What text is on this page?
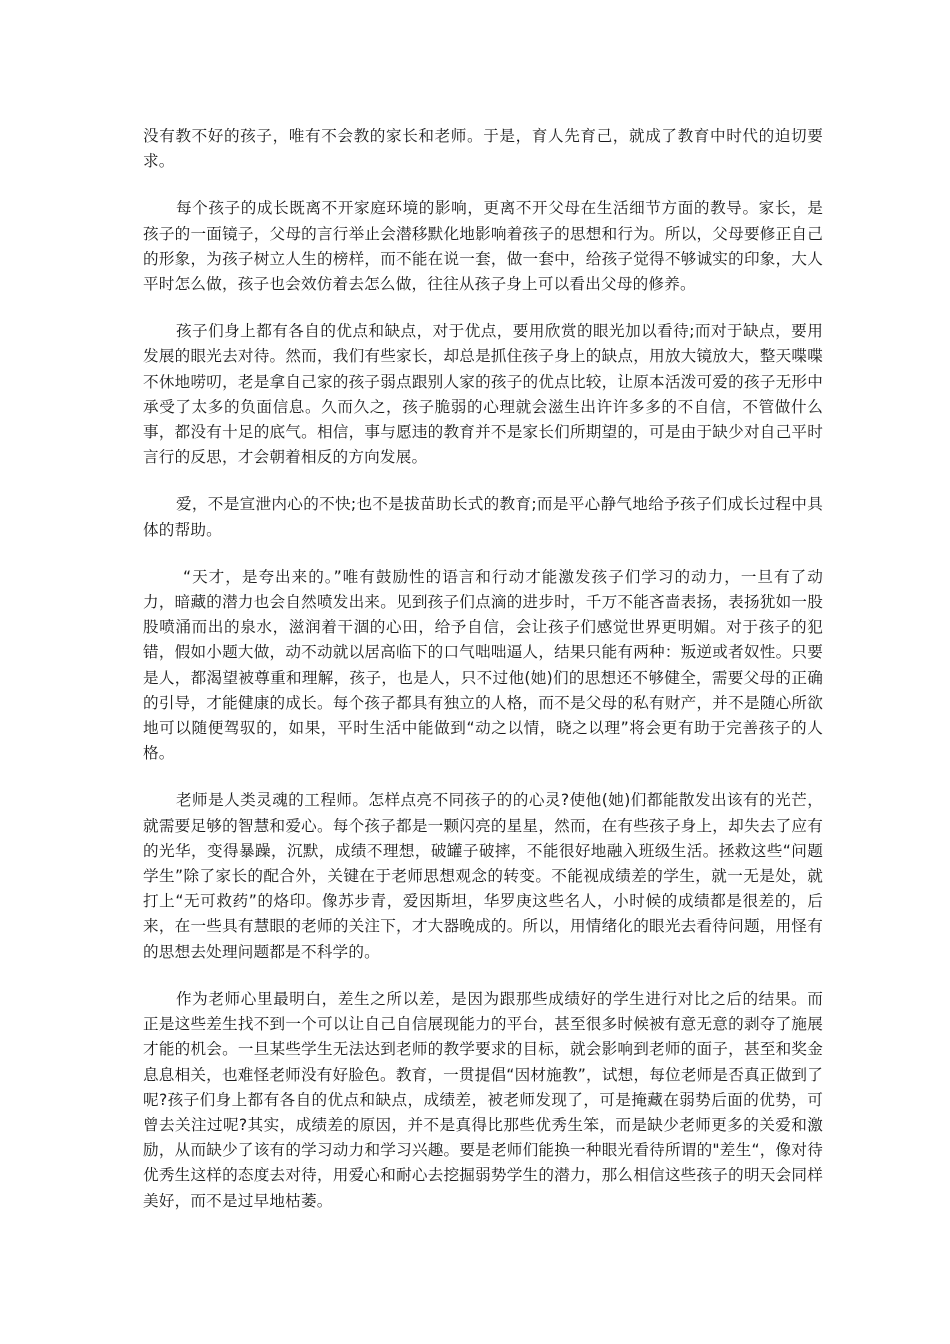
没有教不好的孩子，唯有不会教的家长和老师。于是，育人先育己，就成了教育中时代的迫切要求。

每个孩子的成长既离不开家庭环境的影响，更离不开父母在生活细节方面的教导。家长，是孩子的一面镜子，父母的言行举止会潜移默化地影响着孩子的思想和行为。所以，父母要修正自己的形象，为孩子树立人生的榜样，而不能在说一套，做一套中，给孩子觉得不够诚实的印象，大人平时怎么做，孩子也会效仿着去怎么做，往往从孩子身上可以看出父母的修养。

孩子们身上都有各自的优点和缺点，对于优点，要用欣赏的眼光加以看待;而对于缺点，要用发展的眼光去对待。然而，我们有些家长，却总是抓住孩子身上的缺点，用放大镜放大，整天喋喋不休地唠叨，老是拿自己家的孩子弱点跟别人家的孩子的优点比较，让原本活泼可爱的孩子无形中承受了太多的负面信息。久而久之，孩子脆弱的心理就会滋生出许许多多的不自信，不管做什么事，都没有十足的底气。相信，事与愿违的教育并不是家长们所期望的，可是由于缺少对自己平时言行的反思，才会朝着相反的方向发展。

爱，不是宣泄内心的不快;也不是拔苗助长式的教育;而是平心静气地给予孩子们成长过程中具体的帮助。

“天才，是夸出来的。”唯有鼓励性的语言和行动才能激发孩子们学习的动力，一旦有了动力，暗藏的潜力也会自然喷发出来。见到孩子们点滴的进步时，千万不能吝啬表扬，表扬犹如一股股喷涌而出的泉水，滋润着干涸的心田，给予自信，会让孩子们感觉世界更明媚。对于孩子的犯错，假如小题大做，动不动就以居高临下的口气咄咄逼人，结果只能有两种：叛逆或者奴性。只要是人，都渴望被尊重和理解，孩子，也是人，只不过他(她)们的思想还不够健全，需要父母的正确的引导，才能健康的成长。每个孩子都具有独立的人格，而不是父母的私有财产，并不是随心所欲地可以随便驾驭的，如果，平时生活中能做到“动之以情，晓之以理”将会更有助于完善孩子的人格。

老师是人类灵魂的工程师。怎样点亮不同孩子的的心灵?使他(她)们都能散发出该有的光芒，就需要足够的智慧和爱心。每个孩子都是一颗闪亮的星星，然而，在有些孩子身上，却失去了应有的光华，变得暴躁，沉默，成绩不理想，破罐子破摔，不能很好地融入班级生活。拯救这些“问题学生”除了家长的配合外，关键在于老师思想观念的转变。不能视成绩差的学生，就一无是处，就打上“无可救药”的烙印。像苏步青，爱因斯坦，华罗庚这些名人，小时候的成绩都是很差的，后来，在一些具有慧眼的老师的关注下，才大器晚成的。所以，用情绪化的眼光去看待问题，用怪有的思想去处理问题都是不科学的。

作为老师心里最明白，差生之所以差，是因为跟那些成绩好的学生进行对比之后的结果。而正是这些差生找不到一个可以让自己自信展现能力的平台，甚至很多时候被有意无意的剥夺了施展才能的机会。一旦某些学生无法达到老师的教学要求的目标，就会影响到老师的面子，甚至和奖金息息相关，也难怪老师没有好脸色。教育，一贯提倡“因材施教”，试想，每位老师是否真正做到了呢?孩子们身上都有各自的优点和缺点，成绩差，被老师发现了，可是掩藏在弱势后面的优势，可曾去关注过呢?其实，成绩差的原因，并不是真得比那些优秀生笨，而是缺少老师更多的关爱和激励，从而缺少了该有的学习动力和学习兴趣。要是老师们能换一种眼光看待所谓的"差生“，像对待优秀生这样的态度去对待，用爱心和耐心去挖掘弱势学生的潜力，那么相信这些孩子的明天会同样美好，而不是过早地枯萎。
